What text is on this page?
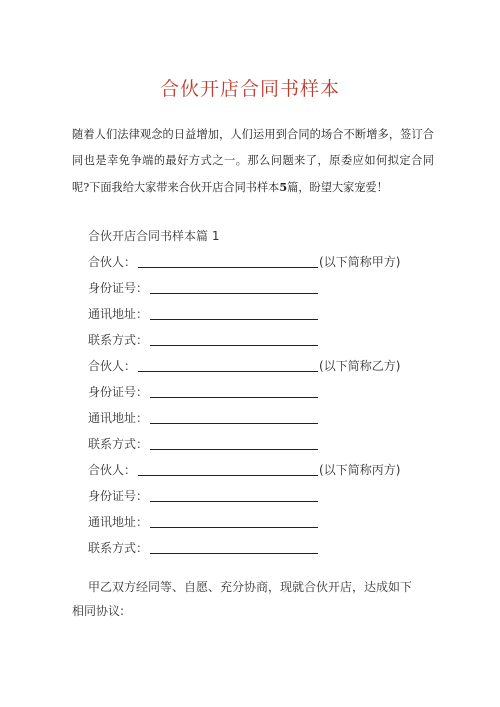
合伙开店合同书样本

随着人们法律观念的日益增加，人们运用到合同的场合不断增多，签订合同也是幸免争端的最好方式之一。那么问题来了，原委应如何拟定合同呢?下面我给大家带来合伙开店合同书样本5篇，盼望大家宠爱！

合伙开店合同书样本篇 1
合伙人：	(以下简称甲方)
身份证号：
通讯地址：
联系方式：
合伙人：	(以下简称乙方)
身份证号：
通讯地址：
联系方式：
合伙人：	(以下简称丙方)
身份证号：
通讯地址：
联系方式：

甲乙双方经同等、自愿、充分协商，现就合伙开店，达成如下相同协议:
